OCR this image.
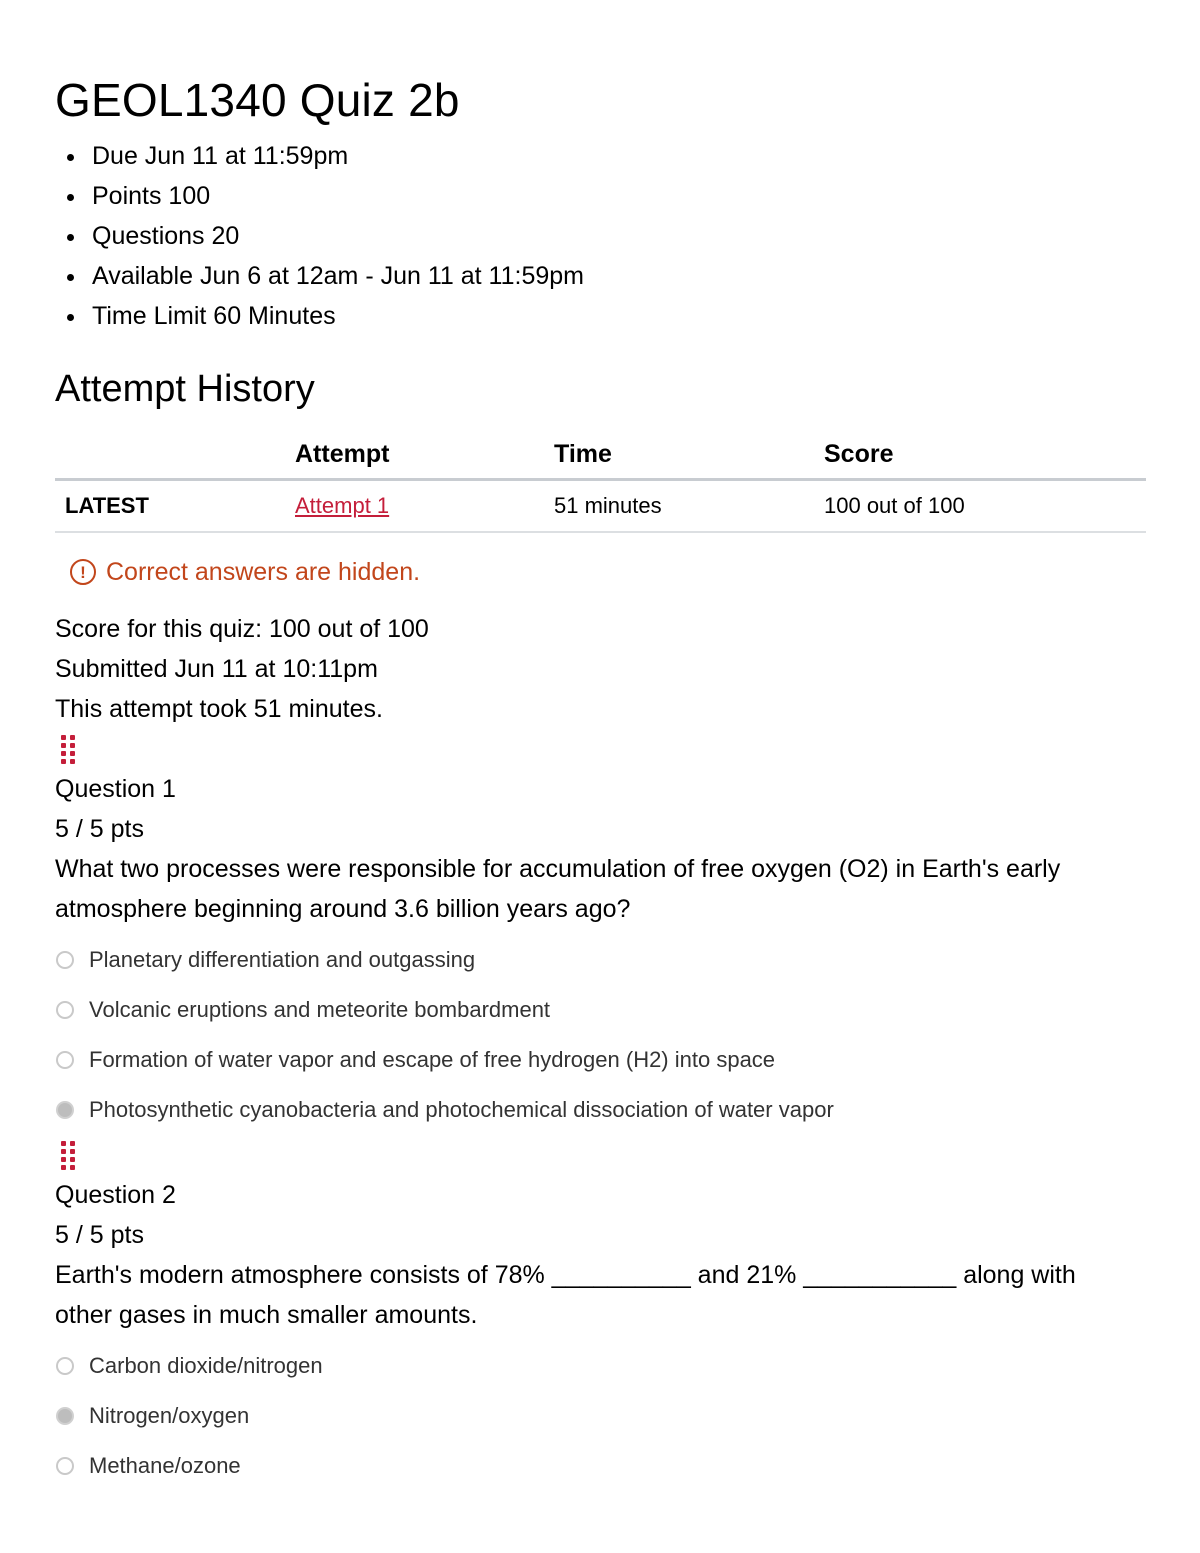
GEOL1340 Quiz 2b
Due Jun 11 at 11:59pm
Points 100
Questions 20
Available Jun 6 at 12am - Jun 11 at 11:59pm
Time Limit 60 Minutes
Attempt History
	Attempt	Time	Score
LATEST	Attempt 1	51 minutes	100 out of 100
! Correct answers are hidden.
Score for this quiz: 100 out of 100
Submitted Jun 11 at 10:11pm
This attempt took 51 minutes.
Question 1
5 / 5 pts
What two processes were responsible for accumulation of free oxygen (O2) in Earth's early atmosphere beginning around 3.6 billion years ago?
Planetary differentiation and outgassing
Volcanic eruptions and meteorite bombardment
Formation of water vapor and escape of free hydrogen (H2) into space
Photosynthetic cyanobacteria and photochemical dissociation of water vapor
Question 2
5 / 5 pts
Earth's modern atmosphere consists of 78% __________ and 21% ___________ along with other gases in much smaller amounts.
Carbon dioxide/nitrogen
Nitrogen/oxygen
Methane/ozone
